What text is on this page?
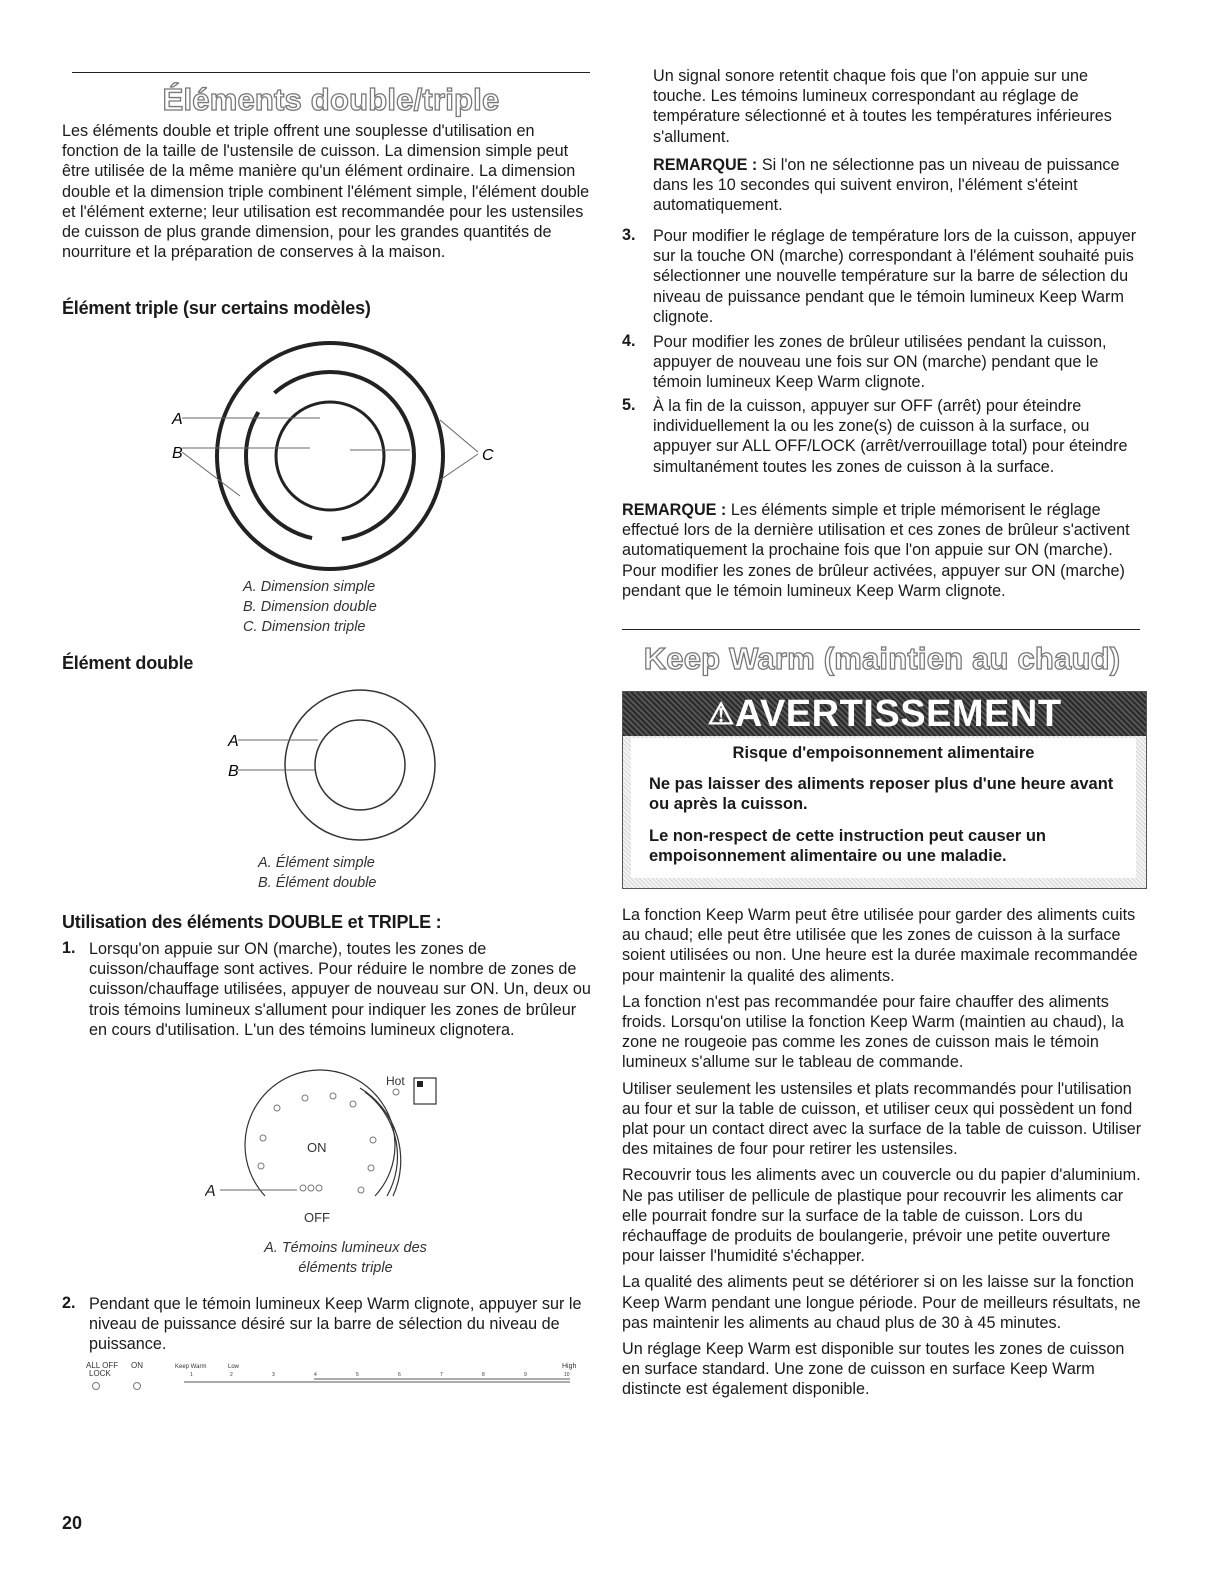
Éléments double/triple

Les éléments double et triple offrent une souplesse d'utilisation en fonction de la taille de l'ustensile de cuisson. La dimension simple peut être utilisée de la même manière qu'un élément ordinaire. La dimension double et la dimension triple combinent l'élément simple, l'élément double et l'élément externe; leur utilisation est recommandée pour les ustensiles de cuisson de plus grande dimension, pour les grandes quantités de nourriture et la préparation de conserves à la maison.

Élément triple (sur certains modèles)
A
B	C
A. Dimension simple
B. Dimension double
C. Dimension triple
Élément double
A
B
A. Élément simple
B. Élément double
Utilisation des éléments DOUBLE et TRIPLE :
1. Lorsqu'on appuie sur ON (marche), toutes les zones de cuisson/chauffage sont actives. Pour réduire le nombre de zones de cuisson/chauffage utilisées, appuyer de nouveau sur ON. Un, deux ou trois témoins lumineux s'allument pour indiquer les zones de brûleur en cours d'utilisation. L'un des témoins lumineux clignotera.
Hot
ON
A
OFF
A. Témoins lumineux des
éléments triple
2. Pendant que le témoin lumineux Keep Warm clignote, appuyer sur le niveau de puissance désiré sur la barre de sélection du niveau de puissance.
ALL OFF
LOCK
ON	Keep Warm	Low	High
1	2	3	4	5	6	7	8	9	10
20

Un signal sonore retentit chaque fois que l'on appuie sur une touche. Les témoins lumineux correspondant au réglage de température sélectionné et à toutes les températures inférieures s'allument.

REMARQUE : Si l'on ne sélectionne pas un niveau de puissance dans les 10 secondes qui suivent environ, l'élément s'éteint automatiquement.

3. Pour modifier le réglage de température lors de la cuisson, appuyer sur la touche ON (marche) correspondant à l'élément souhaité puis sélectionner une nouvelle température sur la barre de sélection du niveau de puissance pendant que le témoin lumineux Keep Warm clignote.
4. Pour modifier les zones de brûleur utilisées pendant la cuisson, appuyer de nouveau une fois sur ON (marche) pendant que le témoin lumineux Keep Warm clignote.
5. À la fin de la cuisson, appuyer sur OFF (arrêt) pour éteindre individuellement la ou les zone(s) de cuisson à la surface, ou appuyer sur ALL OFF/LOCK (arrêt/verrouillage total) pour éteindre simultanément toutes les zones de cuisson à la surface.

REMARQUE : Les éléments simple et triple mémorisent le réglage effectué lors de la dernière utilisation et ces zones de brûleur s'activent automatiquement la prochaine fois que l'on appuie sur ON (marche). Pour modifier les zones de brûleur activées, appuyer sur ON (marche) pendant que le témoin lumineux Keep Warm clignote.

Keep Warm (maintien au chaud)
⚠AVERTISSEMENT
Risque d'empoisonnement alimentaire
Ne pas laisser des aliments reposer plus d'une heure avant ou après la cuisson.
Le non-respect de cette instruction peut causer un empoisonnement alimentaire ou une maladie.

La fonction Keep Warm peut être utilisée pour garder des aliments cuits au chaud; elle peut être utilisée que les zones de cuisson à la surface soient utilisées ou non. Une heure est la durée maximale recommandée pour maintenir la qualité des aliments.

La fonction n'est pas recommandée pour faire chauffer des aliments froids. Lorsqu'on utilise la fonction Keep Warm (maintien au chaud), la zone ne rougeoie pas comme les zones de cuisson mais le témoin lumineux s'allume sur le tableau de commande.

Utiliser seulement les ustensiles et plats recommandés pour l'utilisation au four et sur la table de cuisson, et utiliser ceux qui possèdent un fond plat pour un contact direct avec la surface de la table de cuisson. Utiliser des mitaines de four pour retirer les ustensiles.

Recouvrir tous les aliments avec un couvercle ou du papier d'aluminium. Ne pas utiliser de pellicule de plastique pour recouvrir les aliments car elle pourrait fondre sur la surface de la table de cuisson. Lors du réchauffage de produits de boulangerie, prévoir une petite ouverture pour laisser l'humidité s'échapper.

La qualité des aliments peut se détériorer si on les laisse sur la fonction Keep Warm pendant une longue période. Pour de meilleurs résultats, ne pas maintenir les aliments au chaud plus de 30 à 45 minutes.

Un réglage Keep Warm est disponible sur toutes les zones de cuisson en surface standard. Une zone de cuisson en surface Keep Warm distincte est également disponible.
